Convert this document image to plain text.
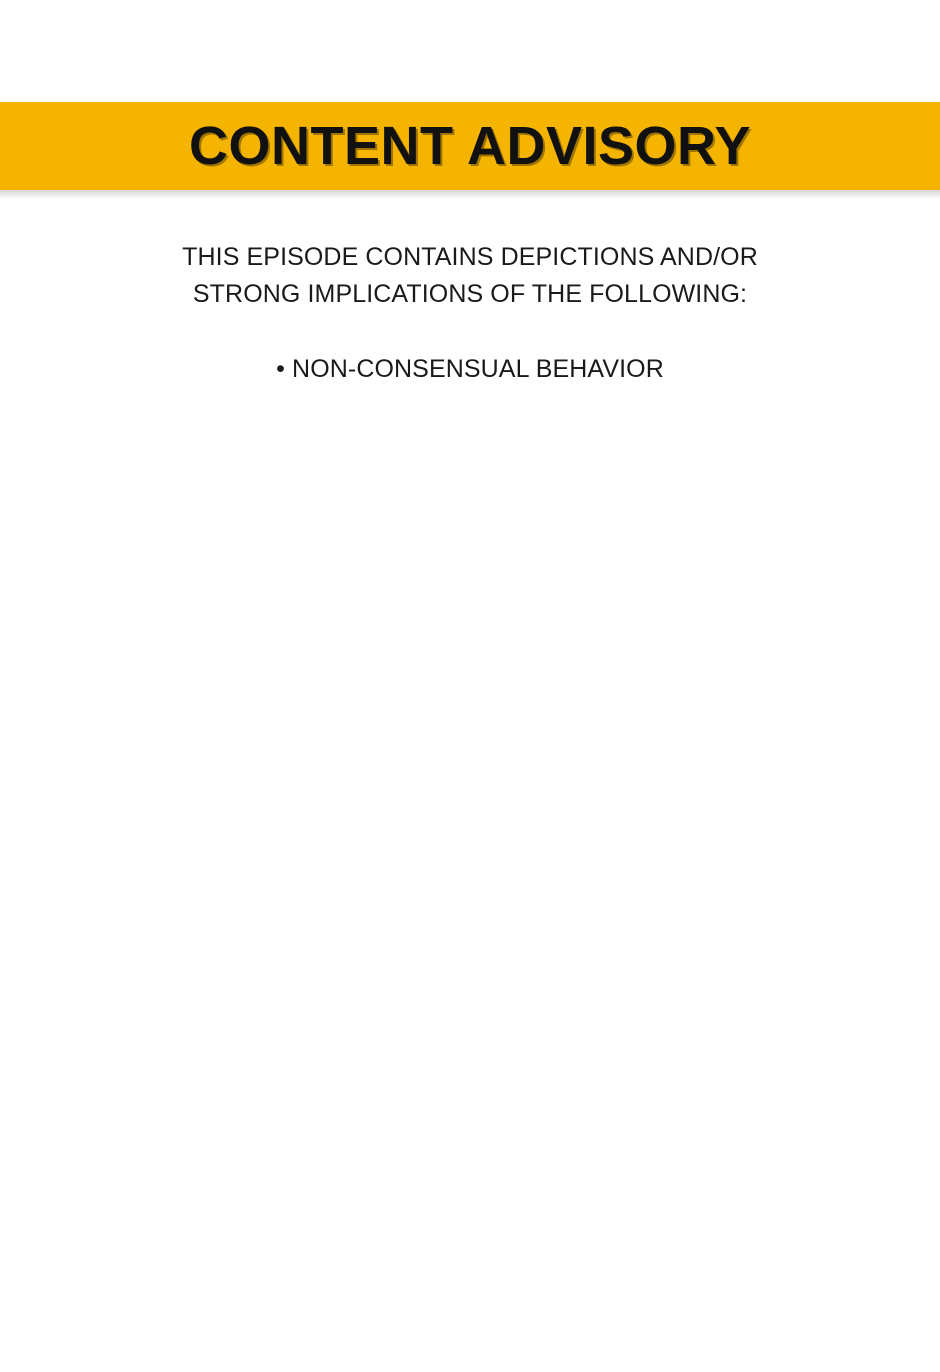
CONTENT ADVISORY
THIS EPISODE CONTAINS DEPICTIONS AND/OR
STRONG IMPLICATIONS OF THE FOLLOWING:
• NON-CONSENSUAL BEHAVIOR
